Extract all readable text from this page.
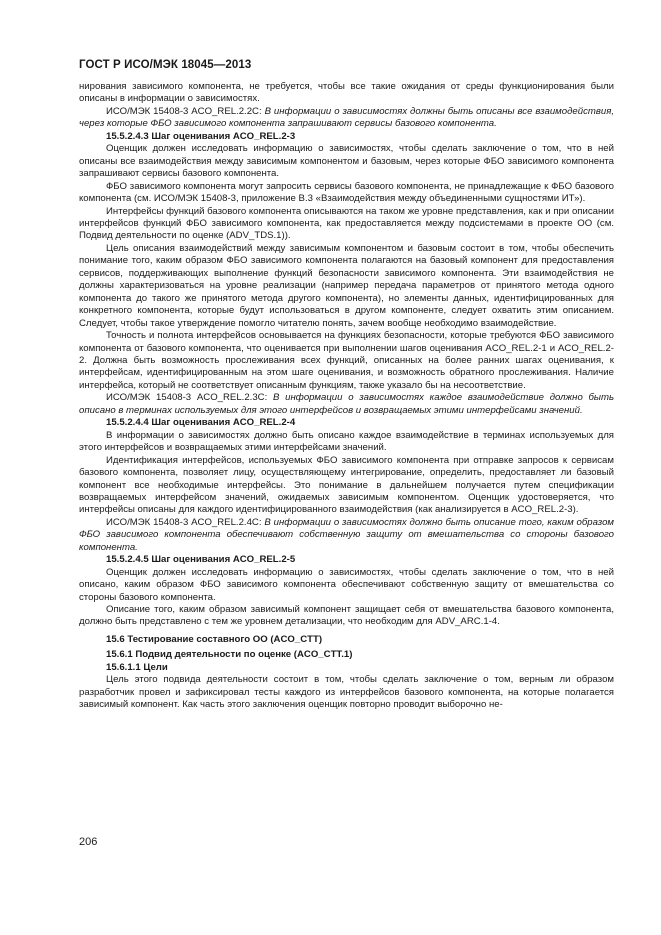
ГОСТ Р ИСО/МЭК 18045—2013

нирования зависимого компонента, не требуется, чтобы все такие ожидания от среды функционирования были описаны в информации о зависимостях.

ИСО/МЭК 15408-3 ACO_REL.2.2C: В информации о зависимостях должны быть описаны все взаимодействия, через которые ФБО зависимого компонента запрашивают сервисы базового компонента.

15.5.2.4.3 Шаг оценивания ACO_REL.2-3

Оценщик должен исследовать информацию о зависимостях, чтобы сделать заключение о том, что в ней описаны все взаимодействия между зависимым компонентом и базовым, через которые ФБО зависимого компонента запрашивают сервисы базового компонента.

ФБО зависимого компонента могут запросить сервисы базового компонента, не принадлежащие к ФБО базового компонента (см. ИСО/МЭК 15408-3, приложение В.3 «Взаимодействия между объединенными сущностями ИТ»).

Интерфейсы функций базового компонента описываются на таком же уровне представления, как и при описании интерфейсов функций ФБО зависимого компонента, как предоставляется между подсистемами в проекте ОО (см. Подвид деятельности по оценке (ADV_TDS.1)).

Цель описания взаимодействий между зависимым компонентом и базовым состоит в том, чтобы обеспечить понимание того, каким образом ФБО зависимого компонента полагаются на базовый компонент для предоставления сервисов, поддерживающих выполнение функций безопасности зависимого компонента. Эти взаимодействия не должны характеризоваться на уровне реализации (например передача параметров от принятого метода одного компонента до такого же принятого метода другого компонента), но элементы данных, идентифицированных для конкретного компонента, которые будут использоваться в другом компоненте, следует охватить этим описанием. Следует, чтобы такое утверждение помогло читателю понять, зачем вообще необходимо взаимодействие.

Точность и полнота интерфейсов основывается на функциях безопасности, которые требуются ФБО зависимого компонента от базового компонента, что оценивается при выполнении шагов оценивания ACO_REL.2-1 и ACO_REL.2-2. Должна быть возможность прослеживания всех функций, описанных на более ранних шагах оценивания, к интерфейсам, идентифицированным на этом шаге оценивания, и возможность обратного прослеживания. Наличие интерфейса, который не соответствует описанным функциям, также указало бы на несоответствие.

ИСО/МЭК 15408-3 ACO_REL.2.3C: В информации о зависимостях каждое взаимодействие должно быть описано в терминах используемых для этого интерфейсов и возвращаемых этими интерфейсами значений.

15.5.2.4.4 Шаг оценивания ACO_REL.2-4

В информации о зависимостях должно быть описано каждое взаимодействие в терминах используемых для этого интерфейсов и возвращаемых этими интерфейсами значений.

Идентификация интерфейсов, используемых ФБО зависимого компонента при отправке запросов к сервисам базового компонента, позволяет лицу, осуществляющему интегрирование, определить, предоставляет ли базовый компонент все необходимые интерфейсы. Это понимание в дальнейшем получается путем спецификации возвращаемых интерфейсом значений, ожидаемых зависимым компонентом. Оценщик удостоверяется, что интерфейсы описаны для каждого идентифицированного взаимодействия (как анализируется в ACO_REL.2-3).

ИСО/МЭК 15408-3 ACO_REL.2.4C: В информации о зависимостях должно быть описание того, каким образом ФБО зависимого компонента обеспечивают собственную защиту от вмешательства со стороны базового компонента.

15.5.2.4.5 Шаг оценивания ACO_REL.2-5

Оценщик должен исследовать информацию о зависимостях, чтобы сделать заключение о том, что в ней описано, каким образом ФБО зависимого компонента обеспечивают собственную защиту от вмешательства со стороны базового компонента.

Описание того, каким образом зависимый компонент защищает себя от вмешательства базового компонента, должно быть представлено с тем же уровнем детализации, что необходим для ADV_ARC.1-4.

15.6 Тестирование составного ОО (ACO_CTT)

15.6.1 Подвид деятельности по оценке (ACO_CTT.1)

15.6.1.1 Цели

Цель этого подвида деятельности состоит в том, чтобы сделать заключение о том, верным ли образом разработчик провел и зафиксировал тесты каждого из интерфейсов базового компонента, на которые полагается зависимый компонент. Как часть этого заключения оценщик повторно проводит выборочно не-

206
